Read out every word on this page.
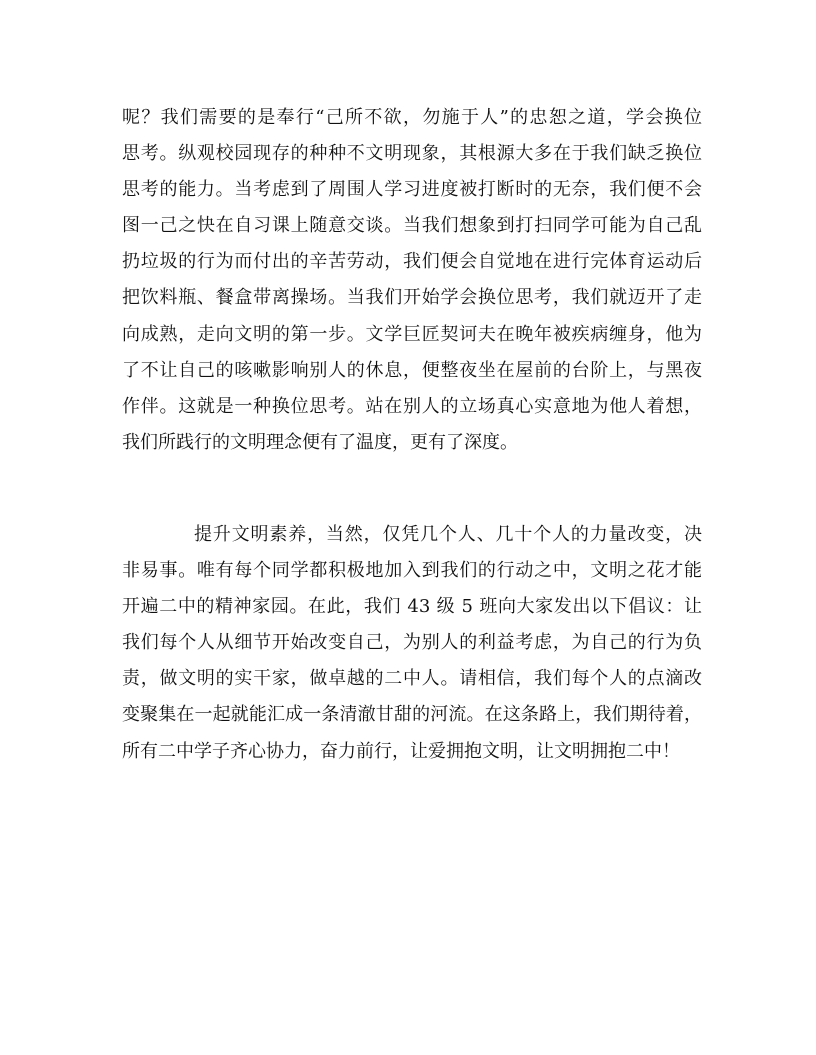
呢？我们需要的是奉行“己所不欲，勿施于人”的忠恕之道，学会换位
思考。纵观校园现存的种种不文明现象，其根源大多在于我们缺乏换位
思考的能力。当考虑到了周围人学习进度被打断时的无奈，我们便不会
图一己之快在自习课上随意交谈。当我们想象到打扫同学可能为自己乱
扔垃圾的行为而付出的辛苦劳动，我们便会自觉地在进行完体育运动后
把饮料瓶、餐盒带离操场。当我们开始学会换位思考，我们就迈开了走
向成熟，走向文明的第一步。文学巨匠契诃夫在晚年被疾病缠身，他为
了不让自己的咳嗽影响别人的休息，便整夜坐在屋前的台阶上，与黑夜
作伴。这就是一种换位思考。站在别人的立场真心实意地为他人着想，
我们所践行的文明理念便有了温度，更有了深度。
提升文明素养，当然，仅凭几个人、几十个人的力量改变，决
非易事。唯有每个同学都积极地加入到我们的行动之中，文明之花才能
开遍二中的精神家园。在此，我们 43 级 5 班向大家发出以下倡议：让
我们每个人从细节开始改变自己，为别人的利益考虑，为自己的行为负
责，做文明的实干家，做卓越的二中人。请相信，我们每个人的点滴改
变聚集在一起就能汇成一条清澈甘甜的河流。在这条路上，我们期待着，
所有二中学子齐心协力，奋力前行，让爱拥抱文明，让文明拥抱二中！
